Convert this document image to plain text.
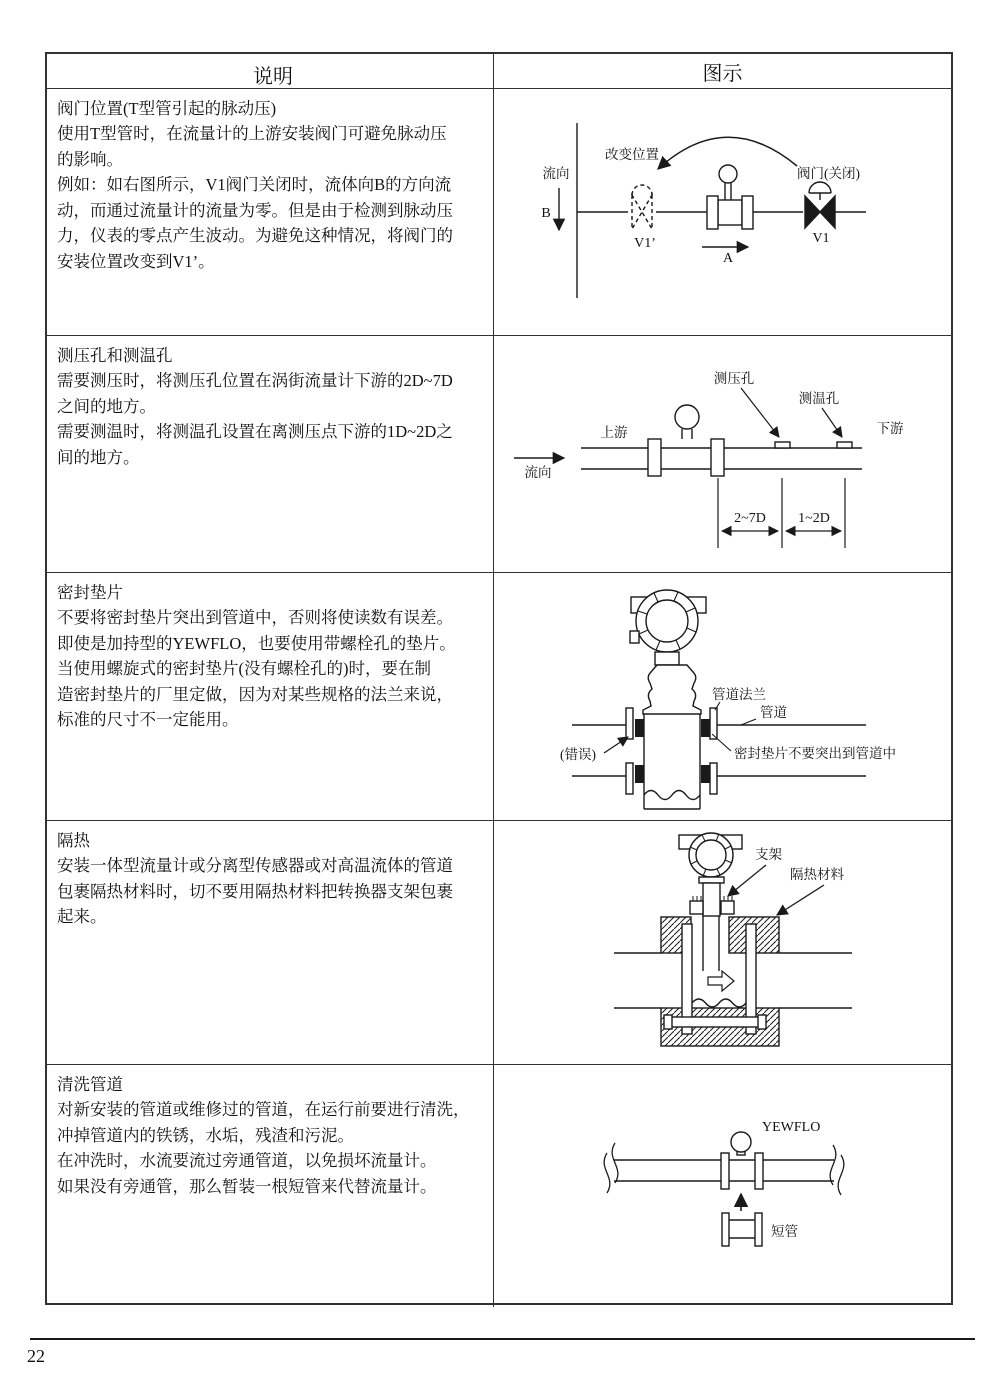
说明	图示
阀门位置(T型管引起的脉动压)
使用T型管时，在流量计的上游安装阀门可避免脉动压
的影响。
例如：如右图所示，V1阀门关闭时，流体向B的方向流
动，而通过流量计的流量为零。但是由于检测到脉动压
力，仪表的零点产生波动。为避免这种情况，将阀门的
安装位置改变到V1’。
流向
B
改变位置
V1’
阀门(关闭)
V1
A
测压孔和测温孔
需要测压时，将测压孔位置在涡街流量计下游的2D~7D
之间的地方。
需要测温时，将测温孔设置在离测压点下游的1D~2D之
间的地方。
测压孔
测温孔
上游	下游
流向
2~7D 1~2D
密封垫片
不要将密封垫片突出到管道中，否则将使读数有误差。
即使是加持型的YEWFLO，也要使用带螺栓孔的垫片。
当使用螺旋式的密封垫片(没有螺栓孔的)时，要在制
造密封垫片的厂里定做，因为对某些规格的法兰来说，
标准的尺寸不一定能用。
管道法兰
管道
(错误)	密封垫片不要突出到管道中
隔热
安装一体型流量计或分离型传感器或对高温流体的管道
包裹隔热材料时，切不要用隔热材料把转换器支架包裹
起来。
支架
隔热材料
清洗管道
对新安装的管道或维修过的管道，在运行前要进行清洗，
冲掉管道内的铁锈，水垢，残渣和污泥。
在冲洗时，水流要流过旁通管道，以免损坏流量计。
如果没有旁通管，那么暂装一根短管来代替流量计。
YEWFLO
短管
22
